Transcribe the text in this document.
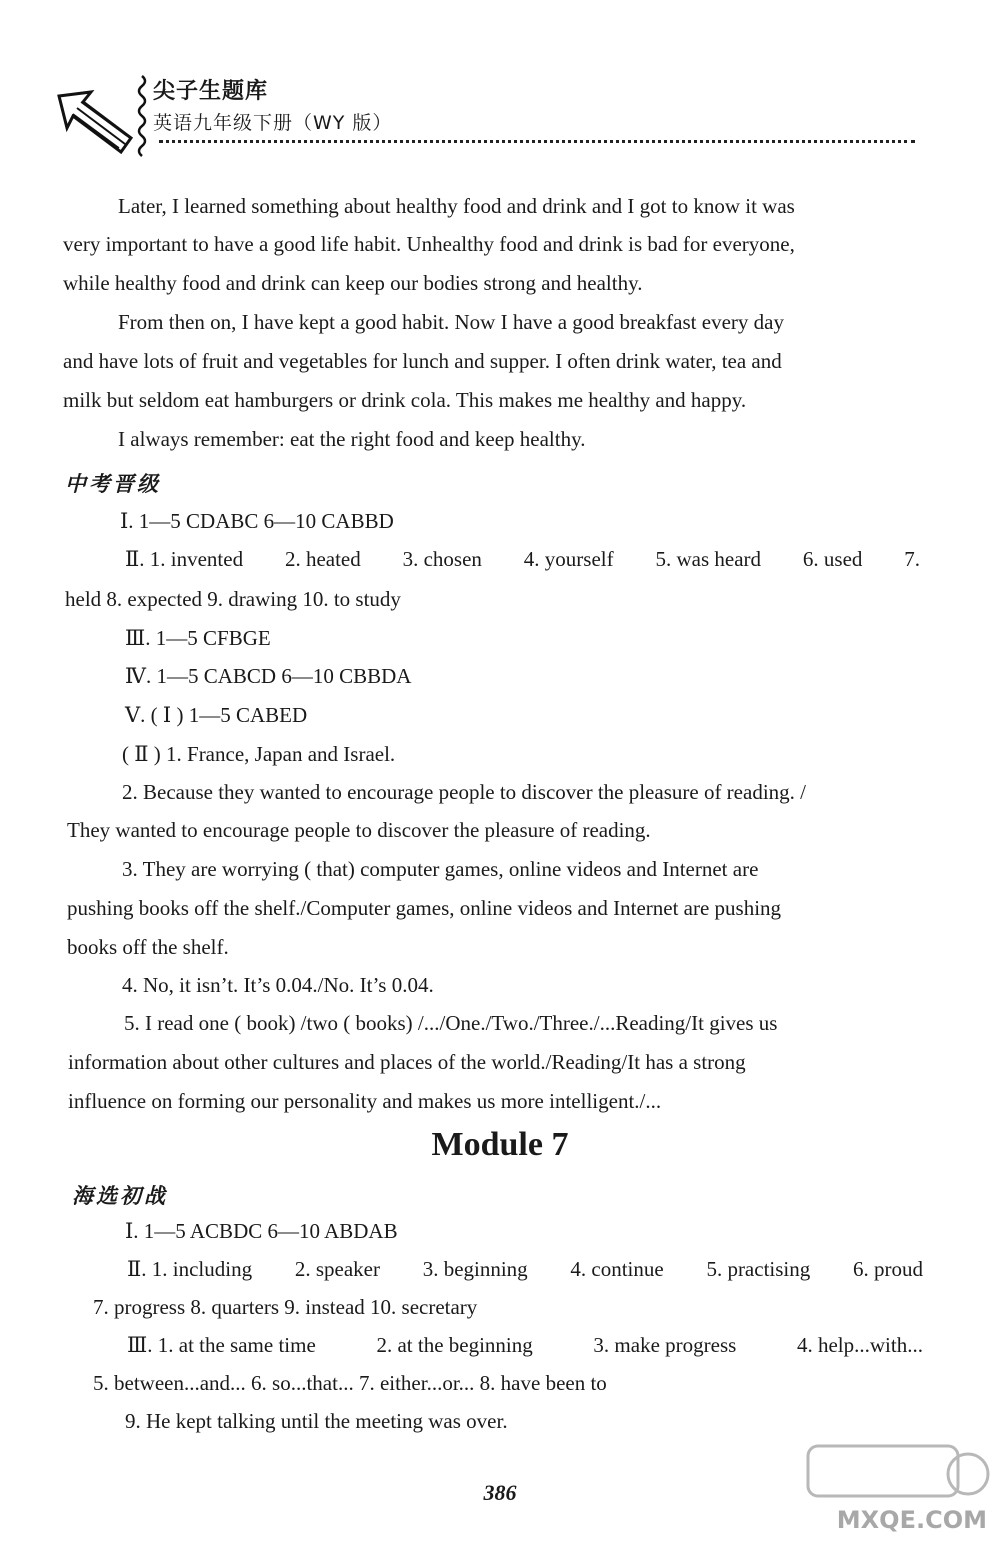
尖子生题库
英语九年级下册（WY 版）
Later, I learned something about healthy food and drink and I got to know it was
very important to have a good life habit. Unhealthy food and drink is bad for everyone,
while healthy food and drink can keep our bodies strong and healthy.
From then on, I have kept a good habit. Now I have a good breakfast every day
and have lots of fruit and vegetables for lunch and supper. I often drink water, tea and
milk but seldom eat hamburgers or drink cola. This makes me healthy and happy.
I always remember: eat the right food and keep healthy.
中考晋级
Ⅰ. 1—5 CDABC 6—10 CABBD
Ⅱ. 1. invented 2. heated 3. chosen 4. yourself 5. was heard 6. used 7.
held 8. expected 9. drawing 10. to study
Ⅲ. 1—5 CFBGE
Ⅳ. 1—5 CABCD 6—10 CBBDA
Ⅴ. ( Ⅰ ) 1—5 CABED
( Ⅱ ) 1. France, Japan and Israel.
2. Because they wanted to encourage people to discover the pleasure of reading. /
They wanted to encourage people to discover the pleasure of reading.
3. They are worrying ( that) computer games, online videos and Internet are
pushing books off the shelf./Computer games, online videos and Internet are pushing
books off the shelf.
4. No, it isn’t. It’s 0.04./No. It’s 0.04.
5. I read one ( book) /two ( books) /.../One./Two./Three./...Reading/It gives us
information about other cultures and places of the world./Reading/It has a strong
influence on forming our personality and makes us more intelligent./...
Module 7
海选初战
Ⅰ. 1—5 ACBDC 6—10 ABDAB
Ⅱ. 1. including 2. speaker 3. beginning 4. continue 5. practising 6. proud
7. progress 8. quarters 9. instead 10. secretary
Ⅲ. 1. at the same time	2. at the beginning	3. make progress	4. help...with...
5. between...and... 6. so...that... 7. either...or... 8. have been to
9. He kept talking until the meeting was over.
386
MXQE.COM
